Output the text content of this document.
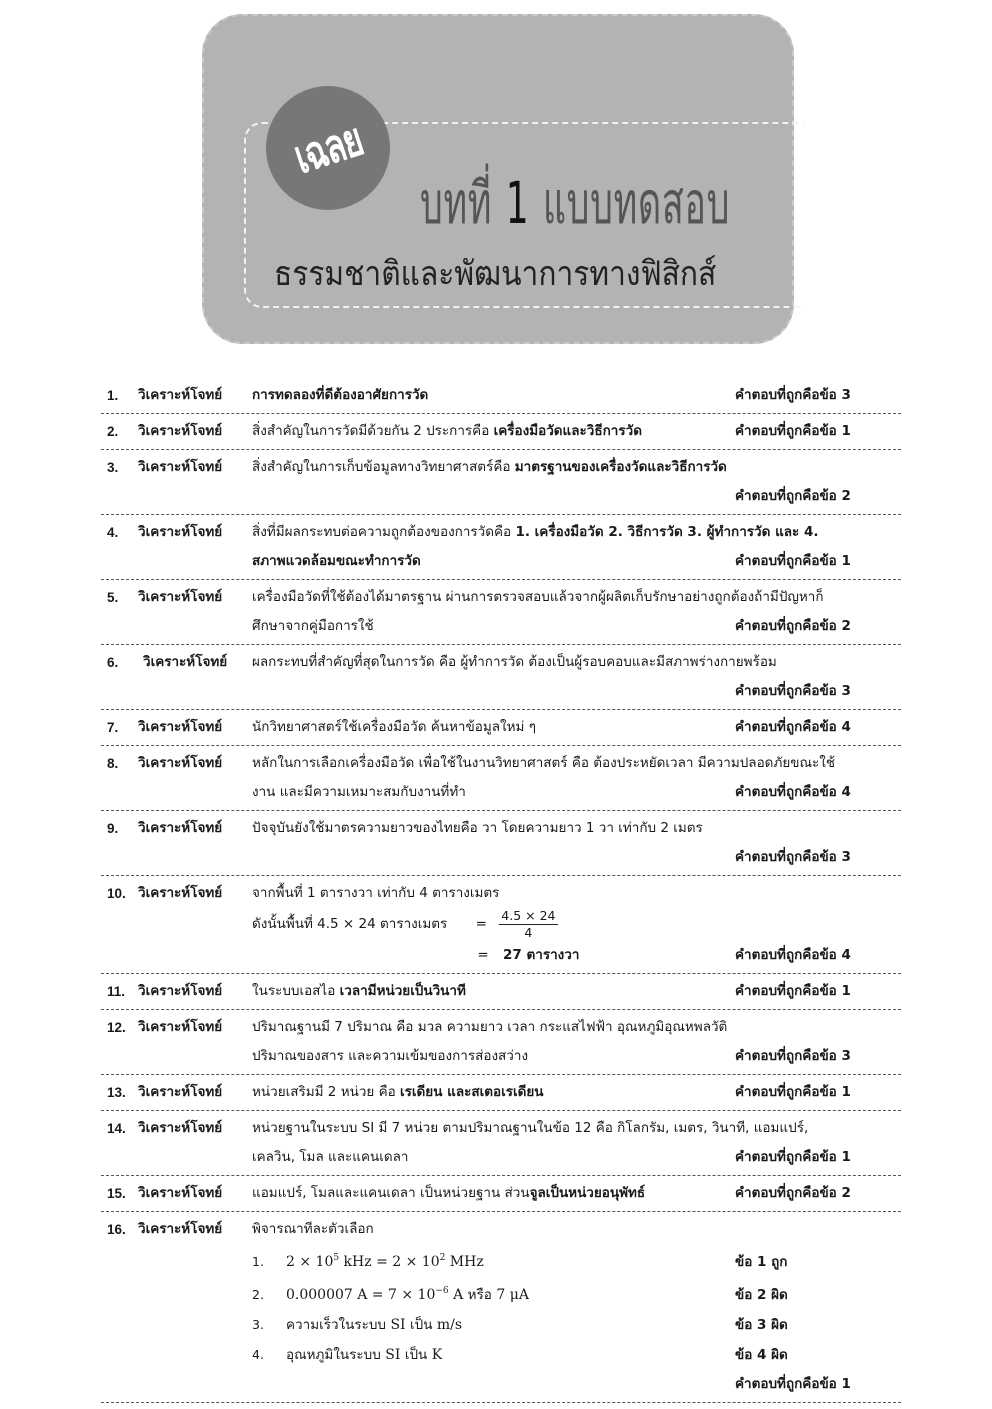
เฉลย
บทที่ 1 แบบทดสอบ
ธรรมชาติและพัฒนาการทางฟิสิกส์
1. วิเคราะห์โจทย์ การทดลองที่ดีต้องอาศัยการวัด	คำตอบที่ถูกคือข้อ 3
2. วิเคราะห์โจทย์ สิ่งสำคัญในการวัดมีด้วยกัน 2 ประการคือ เครื่องมือวัดและวิธีการวัด	คำตอบที่ถูกคือข้อ 1
3. วิเคราะห์โจทย์ สิ่งสำคัญในการเก็บข้อมูลทางวิทยาศาสตร์คือ มาตรฐานของเครื่องวัดและวิธีการวัด
คำตอบที่ถูกคือข้อ 2
4. วิเคราะห์โจทย์ สิ่งที่มีผลกระทบต่อความถูกต้องของการวัดคือ 1. เครื่องมือวัด 2. วิธีการวัด 3. ผู้ทำการวัด และ 4.
สภาพแวดล้อมขณะทำการวัด	คำตอบที่ถูกคือข้อ 1
5. วิเคราะห์โจทย์ เครื่องมือวัดที่ใช้ต้องได้มาตรฐาน ผ่านการตรวจสอบแล้วจากผู้ผลิตเก็บรักษาอย่างถูกต้องถ้ามีปัญหาก็
ศึกษาจากคู่มือการใช้	คำตอบที่ถูกคือข้อ 2
6. วิเคราะห์โจทย์ ผลกระทบที่สำคัญที่สุดในการวัด คือ ผู้ทำการวัด ต้องเป็นผู้รอบคอบและมีสภาพร่างกายพร้อม
คำตอบที่ถูกคือข้อ 3
7. วิเคราะห์โจทย์ นักวิทยาศาสตร์ใช้เครื่องมือวัด ค้นหาข้อมูลใหม่ ๆ	คำตอบที่ถูกคือข้อ 4
8. วิเคราะห์โจทย์ หลักในการเลือกเครื่องมือวัด เพื่อใช้ในงานวิทยาศาสตร์ คือ ต้องประหยัดเวลา มีความปลอดภัยขณะใช้
งาน และมีความเหมาะสมกับงานที่ทำ	คำตอบที่ถูกคือข้อ 4
9. วิเคราะห์โจทย์ ปัจจุบันยังใช้มาตรความยาวของไทยคือ วา โดยความยาว 1 วา เท่ากับ 2 เมตร
คำตอบที่ถูกคือข้อ 3
10. วิเคราะห์โจทย์ จากพื้นที่ 1 ตารางวา เท่ากับ 4 ตารางเมตร
ดังนั้นพื้นที่ 4.5 × 24 ตารางเมตร	= $\frac{4.5 \times 24}{4}$
= 27 ตารางวา	คำตอบที่ถูกคือข้อ 4
11. วิเคราะห์โจทย์ ในระบบเอสไอ เวลามีหน่วยเป็นวินาที	คำตอบที่ถูกคือข้อ 1
12. วิเคราะห์โจทย์ ปริมาณฐานมี 7 ปริมาณ คือ มวล ความยาว เวลา กระแสไฟฟ้า อุณหภูมิอุณหพลวัติ
ปริมาณของสาร และความเข้มของการส่องสว่าง	คำตอบที่ถูกคือข้อ 3
13. วิเคราะห์โจทย์ หน่วยเสริมมี 2 หน่วย คือ เรเดียน และสเตอเรเดียน	คำตอบที่ถูกคือข้อ 1
14. วิเคราะห์โจทย์ หน่วยฐานในระบบ SI มี 7 หน่วย ตามปริมาณฐานในข้อ 12 คือ กิโลกรัม, เมตร, วินาที, แอมแปร์,
เคลวิน, โมล และแคนเดลา	คำตอบที่ถูกคือข้อ 1
15. วิเคราะห์โจทย์ แอมแปร์, โมลและแคนเดลา เป็นหน่วยฐาน ส่วนจูลเป็นหน่วยอนุพัทธ์	คำตอบที่ถูกคือข้อ 2
16. วิเคราะห์โจทย์ พิจารณาทีละตัวเลือก
1.	$2 \times 10^5$ kHz = $2 \times 10^2$ MHz	ข้อ 1 ถูก
2.	0.000007 $A = 7 \times 10^{-6}$ A หรือ 7 μA	ข้อ 2 ผิด
3.	ความเร็วในระบบ SI เป็น m/s	ข้อ 3 ผิด
4.	อุณหภูมิในระบบ SI เป็น K	ข้อ 4 ผิด
คำตอบที่ถูกคือข้อ 1
